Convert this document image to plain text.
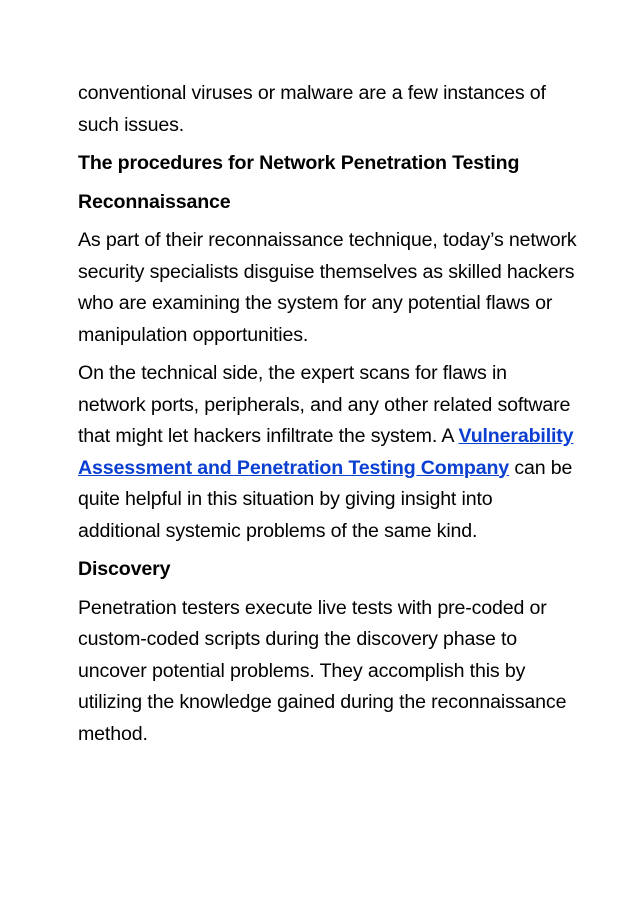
conventional viruses or malware are a few instances of such issues.

The procedures for Network Penetration Testing
Reconnaissance

As part of their reconnaissance technique, today’s network security specialists disguise themselves as skilled hackers who are examining the system for any potential flaws or manipulation opportunities.

On the technical side, the expert scans for flaws in network ports, peripherals, and any other related software that might let hackers infiltrate the system. A Vulnerability Assessment and Penetration Testing Company can be quite helpful in this situation by giving insight into additional systemic problems of the same kind.

Discovery

Penetration testers execute live tests with pre-coded or custom-coded scripts during the discovery phase to uncover potential problems. They accomplish this by utilizing the knowledge gained during the reconnaissance method.
